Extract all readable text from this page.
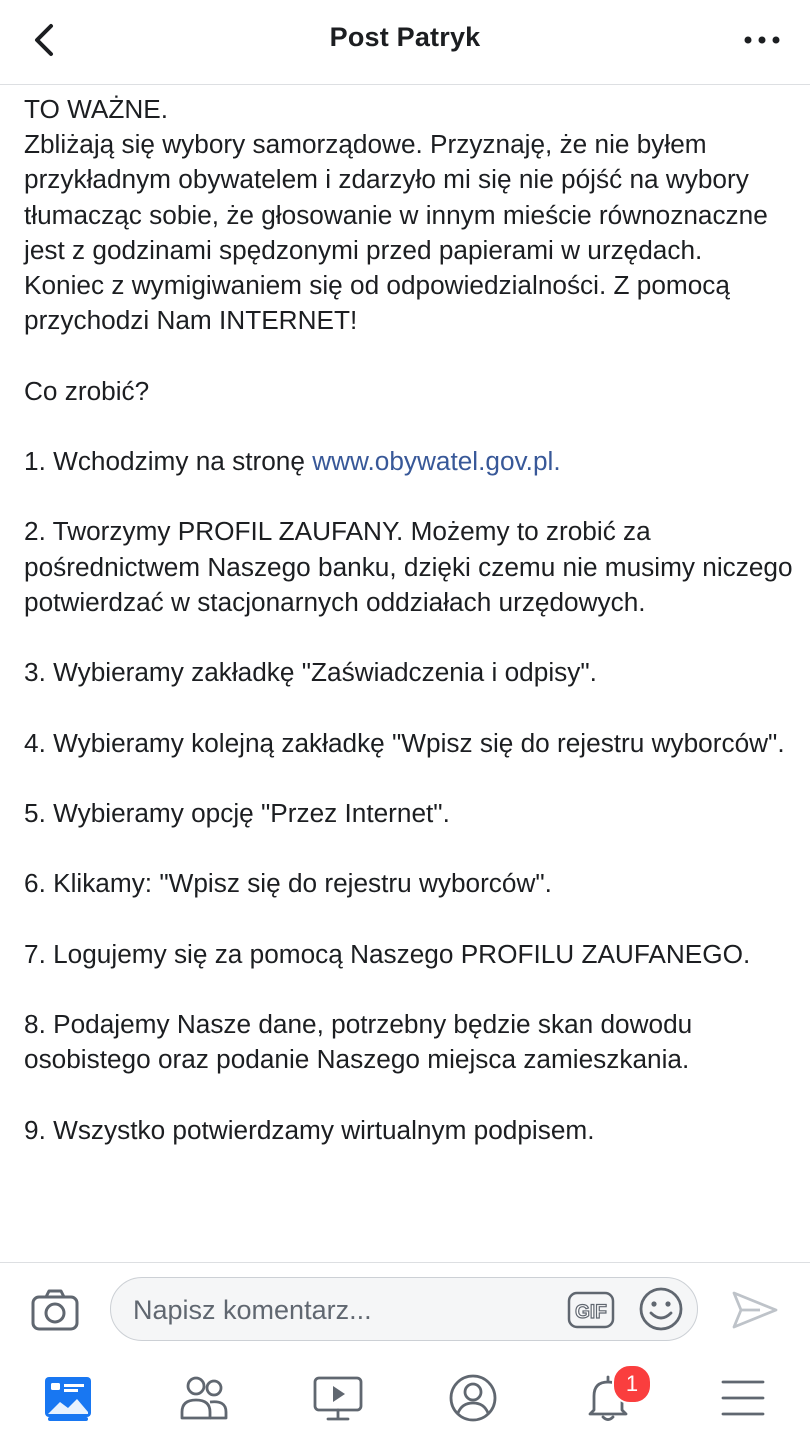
Post Patryk

TO WAŻNE.

Zbliżają się wybory samorządowe. Przyznaję, że nie byłem przykładnym obywatelem i zdarzyło mi się nie pójść na wybory tłumacząc sobie, że głosowanie w innym mieście równoznaczne jest z godzinami spędzonymi przed papierami w urzędach.

Koniec z wymigiwaniem się od odpowiedzialności. Z pomocą przychodzi Nam INTERNET!

Co zrobić?

1. Wchodzimy na stronę www.obywatel.gov.pl.

2. Tworzymy PROFIL ZAUFANY. Możemy to zrobić za pośrednictwem Naszego banku, dzięki czemu nie musimy niczego potwierdzać w stacjonarnych oddziałach urzędowych.

3. Wybieramy zakładkę "Zaświadczenia i odpisy".

4. Wybieramy kolejną zakładkę "Wpisz się do rejestru wyborców".

5. Wybieramy opcję "Przez Internet".

6. Klikamy: "Wpisz się do rejestru wyborców".

7. Logujemy się za pomocą Naszego PROFILU ZAUFANEGO.

8. Podajemy Nasze dane, potrzebny będzie skan dowodu osobistego oraz podanie Naszego miejsca zamieszkania.

9. Wszystko potwierdzamy wirtualnym podpisem.

Napisz komentarz...	GIF
1
